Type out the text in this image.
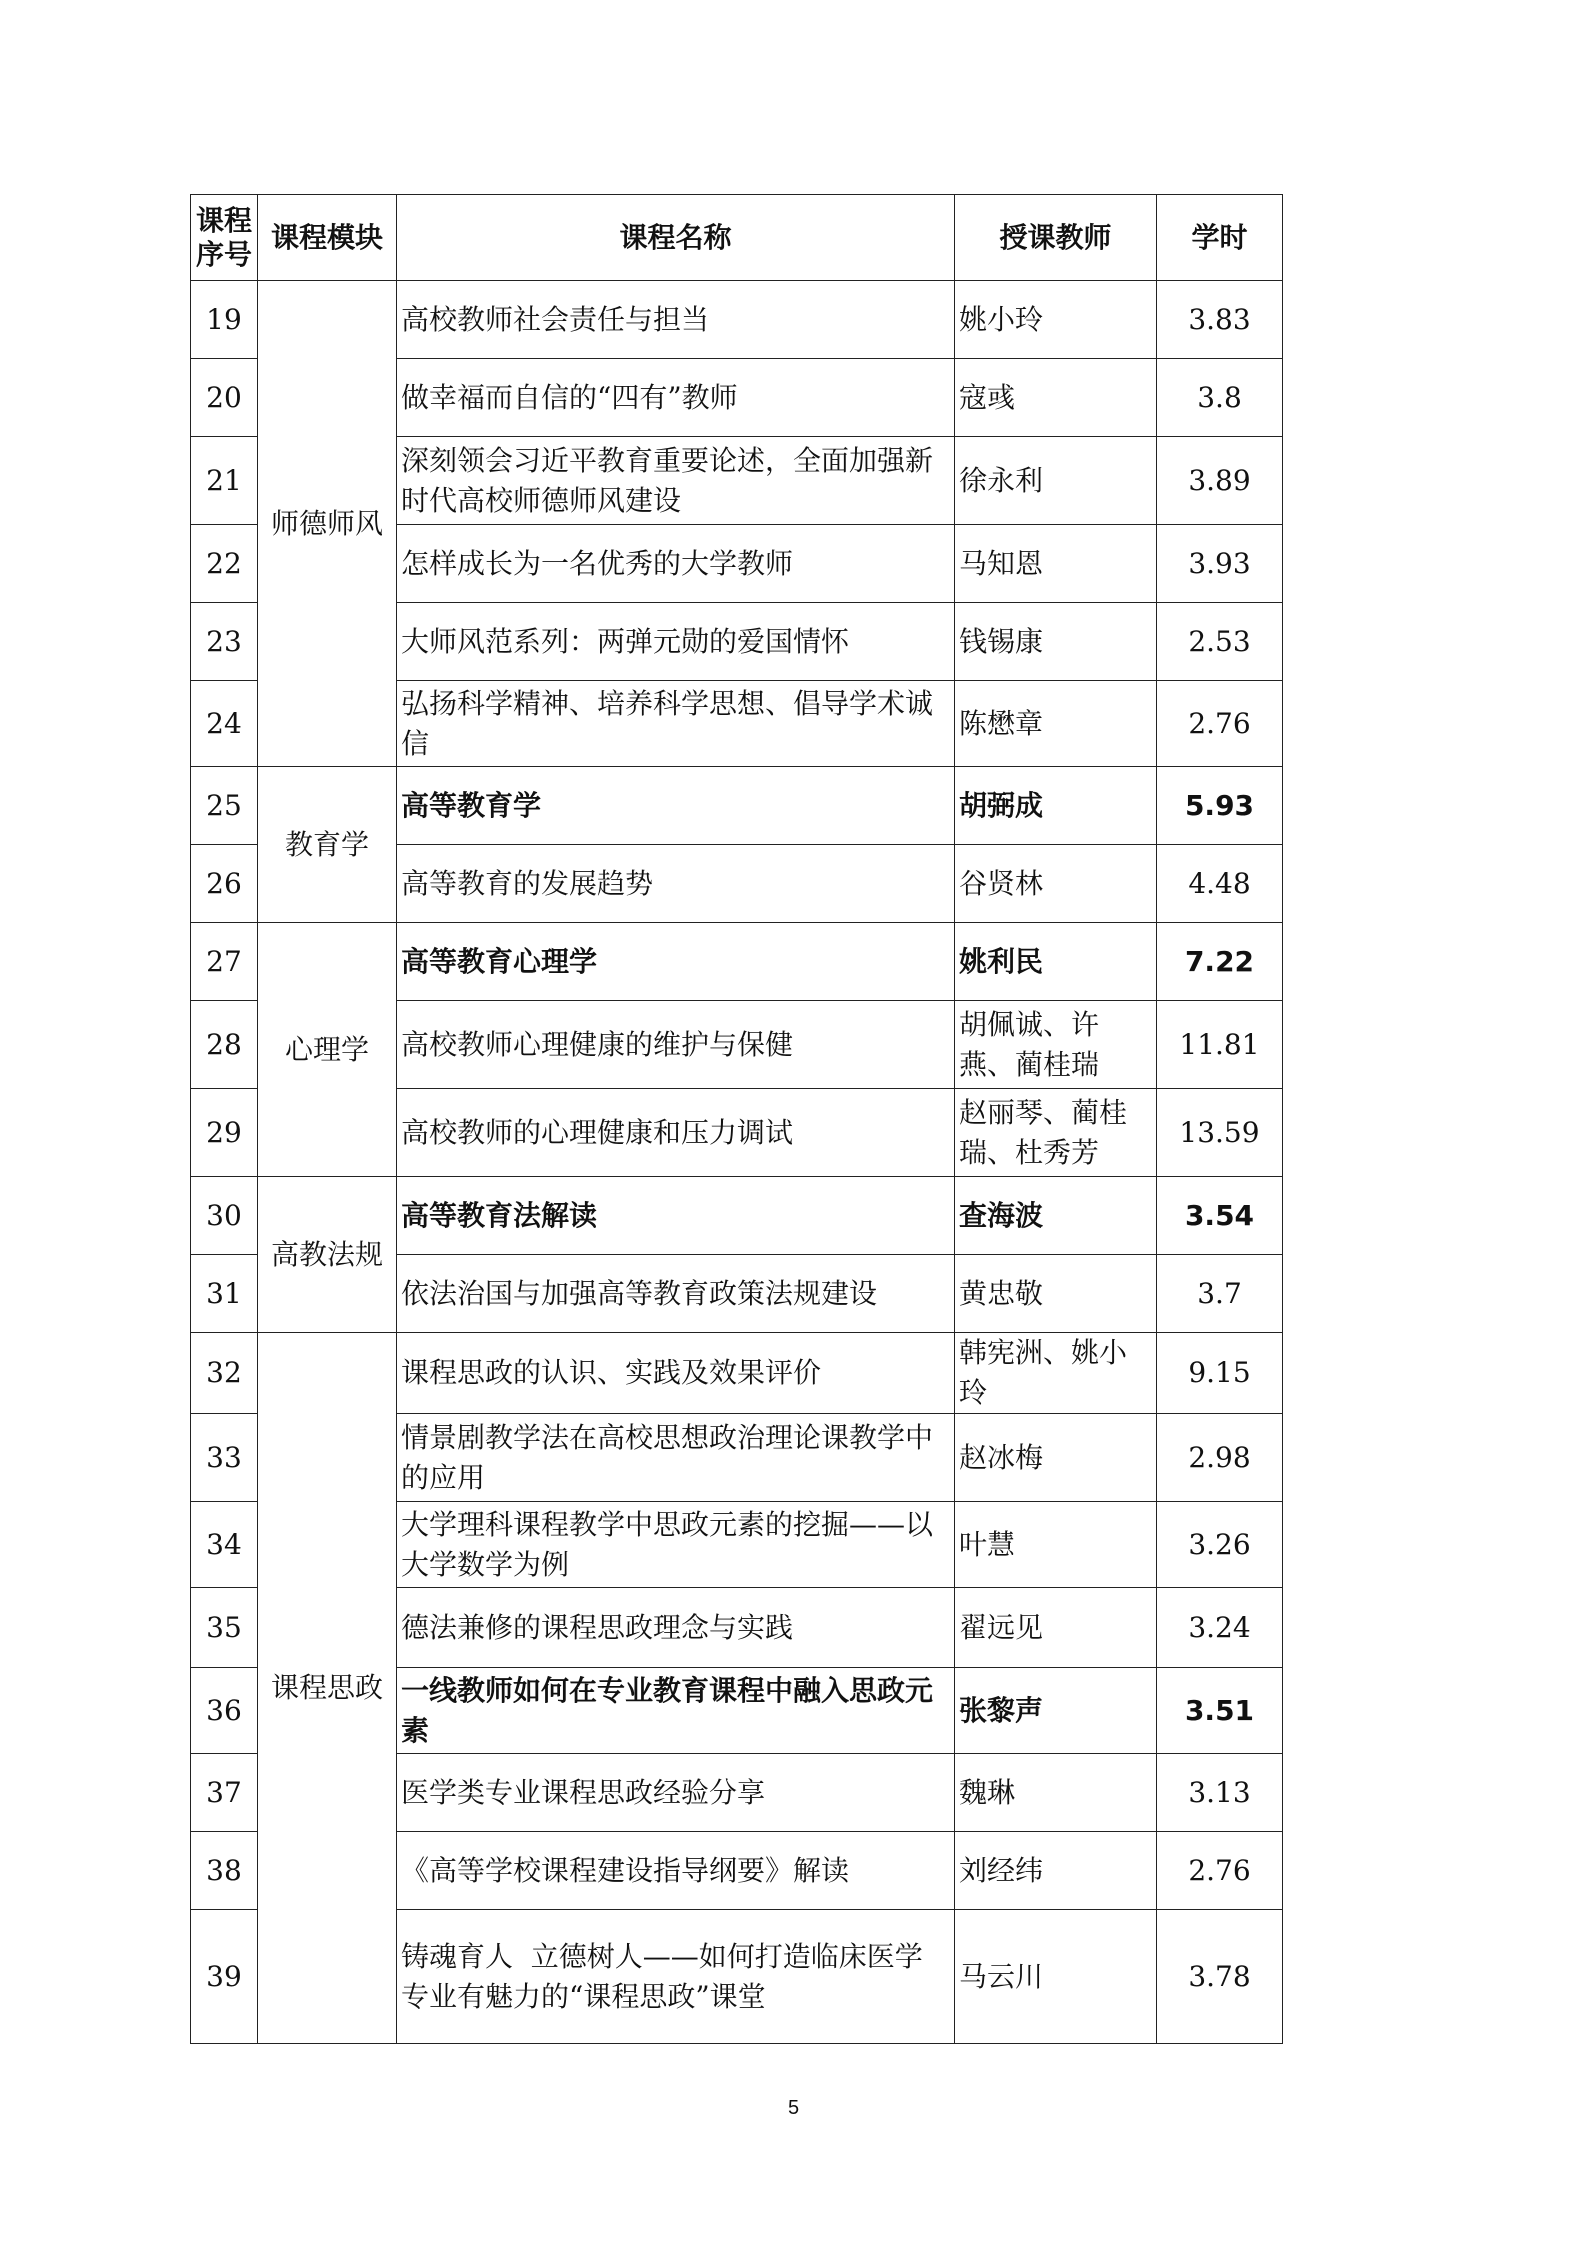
课程序号	课程模块	课程名称	授课教师	学时
19	师德师风	高校教师社会责任与担当	姚小玲	3.83
20		做幸福而自信的“四有”教师	寇彧	3.8
21		深刻领会习近平教育重要论述，全面加强新时代高校师德师风建设	徐永利	3.89
22		怎样成长为一名优秀的大学教师	马知恩	3.93
23		大师风范系列：两弹元勋的爱国情怀	钱锡康	2.53
24		弘扬科学精神、培养科学思想、倡导学术诚信	陈懋章	2.76
25	教育学	高等教育学	胡弼成	5.93
26		高等教育的发展趋势	谷贤林	4.48
27	心理学	高等教育心理学	姚利民	7.22
28		高校教师心理健康的维护与保健	胡佩诚、许燕、蔺桂瑞	11.81
29		高校教师的心理健康和压力调试	赵丽琴、蔺桂瑞、杜秀芳	13.59
30	高教法规	高等教育法解读	查海波	3.54
31		依法治国与加强高等教育政策法规建设	黄忠敬	3.7
32	课程思政	课程思政的认识、实践及效果评价	韩宪洲、姚小玲	9.15
33		情景剧教学法在高校思想政治理论课教学中的应用	赵冰梅	2.98
34		大学理科课程教学中思政元素的挖掘——以大学数学为例	叶慧	3.26
35		德法兼修的课程思政理念与实践	翟远见	3.24
36		一线教师如何在专业教育课程中融入思政元素	张黎声	3.51
37		医学类专业课程思政经验分享	魏琳	3.13
38		《高等学校课程建设指导纲要》解读	刘经纬	2.76
39		铸魂育人  立德树人——如何打造临床医学专业有魅力的“课程思政”课堂	马云川	3.78
5
